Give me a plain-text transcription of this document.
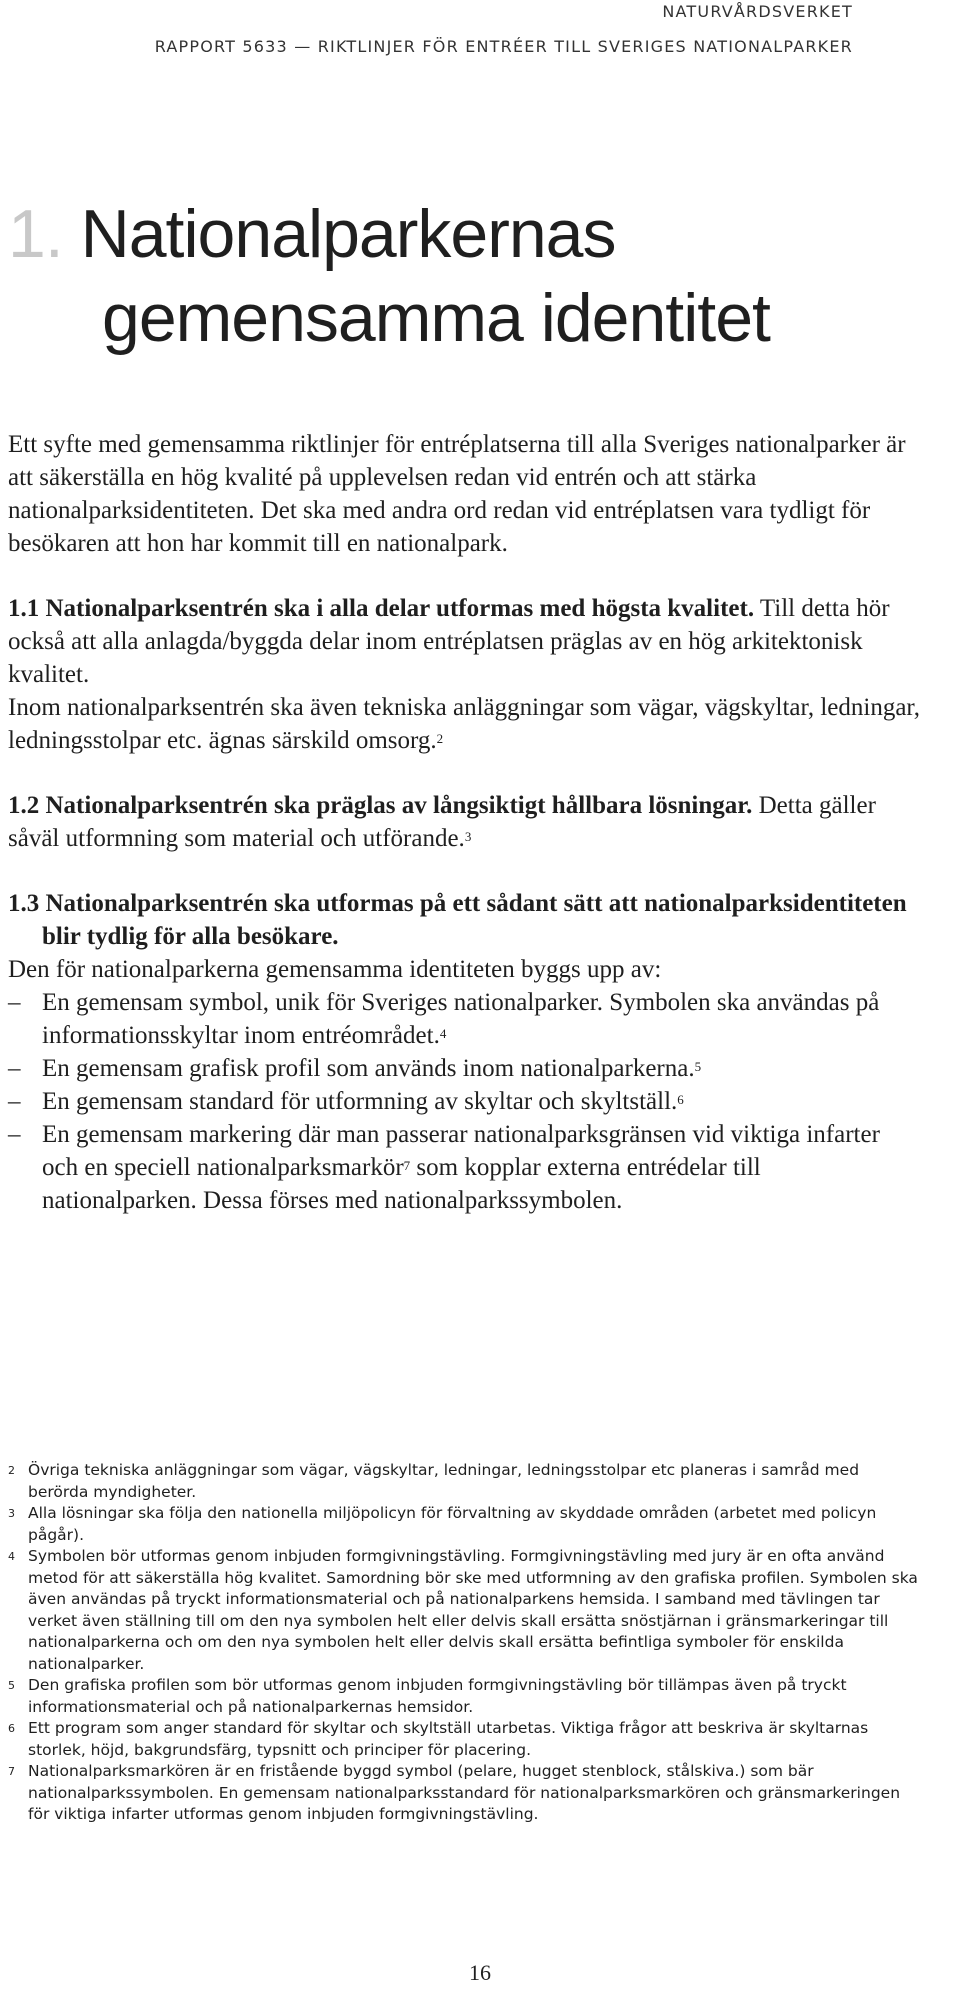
NATURVÅRDSVERKET
RAPPORT 5633 — RIKTLINJER FÖR ENTRÉER TILL SVERIGES NATIONALPARKER
1. Nationalparkernas
gemensamma identitet

Ett syfte med gemensamma riktlinjer för entréplatserna till alla Sveriges nationalparker är att säkerställa en hög kvalité på upplevelsen redan vid entrén och att stärka nationalparksidentiteten. Det ska med andra ord redan vid entréplatsen vara tydligt för besökaren att hon har kommit till en nationalpark.

1.1 Nationalparksentrén ska i alla delar utformas med högsta kvalitet. Till detta hör också att alla anlagda/byggda delar inom entréplatsen präglas av en hög arkitektonisk kvalitet.

Inom nationalparksentrén ska även tekniska anläggningar som vägar, vägskyltar, ledningar, ledningsstolpar etc. ägnas särskild omsorg.$^2$

1.2 Nationalparksentrén ska präglas av långsiktigt hållbara lösningar. Detta gäller såväl utformning som material och utförande.$^3$

1.3 Nationalparksentrén ska utformas på ett sådant sätt att nationalparksidentiteten blir tydlig för alla besökare.

Den för nationalparkerna gemensamma identiteten byggs upp av:

– En gemensam symbol, unik för Sveriges nationalparker. Symbolen ska användas på informationsskyltar inom entréområdet.$^4$
– En gemensam grafisk profil som används inom nationalparkerna.$^5$
– En gemensam standard för utformning av skyltar och skyltställ.$^6$
– En gemensam markering där man passerar nationalparksgränsen vid viktiga infarter och en speciell nationalparksmarkör$^7$ som kopplar externa entrédelar till nationalparken. Dessa förses med nationalparkssymbolen.
2 Övriga tekniska anläggningar som vägar, vägskyltar, ledningar, ledningsstolpar etc planeras i samråd med berörda myndigheter.
3 Alla lösningar ska följa den nationella miljöpolicyn för förvaltning av skyddade områden (arbetet med policyn pågår).
4 Symbolen bör utformas genom inbjuden formgivningstävling. Formgivningstävling med jury är en ofta använd metod för att säkerställa hög kvalitet. Samordning bör ske med utformning av den grafiska profilen. Symbolen ska även användas på tryckt informationsmaterial och på nationalparkens hemsida. I samband med tävlingen tar verket även ställning till om den nya symbolen helt eller delvis skall ersätta snöstjärnan i gränsmarkeringar till nationalparkerna och om den nya symbolen helt eller delvis skall ersätta befintliga symboler för enskilda nationalparker.
5 Den grafiska profilen som bör utformas genom inbjuden formgivningstävling bör tillämpas även på tryckt informationsmaterial och på nationalparkernas hemsidor.
6 Ett program som anger standard för skyltar och skyltställ utarbetas. Viktiga frågor att beskriva är skyltarnas storlek, höjd, bakgrundsfärg, typsnitt och principer för placering.
7 Nationalparksmarkören är en fristående byggd symbol (pelare, hugget stenblock, stålskiva.) som bär nationalparkssymbolen. En gemensam nationalparksstandard för nationalparksmarkören och gränsmarkeringen för viktiga infarter utformas genom inbjuden formgivningstävling.
16
